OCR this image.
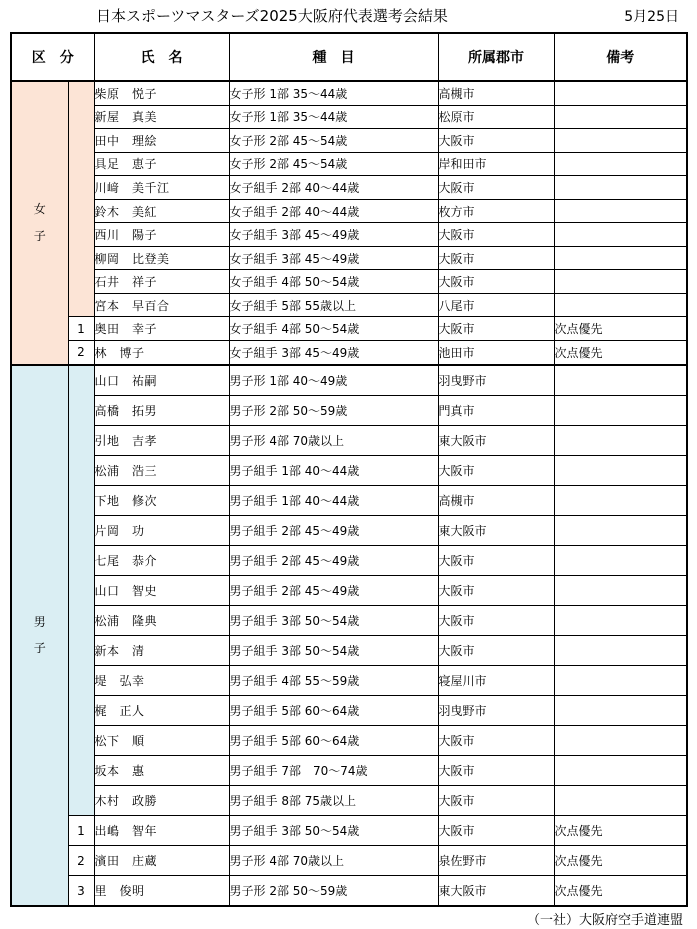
日本スポーツマスターズ2025大阪府代表選考会結果	5月25日
区　分		氏　名	種　目	所属郡市	備考
女
子		柴原　悦子	女子形 1部 35～44歳	高槻市	
		新屋　真美	女子形 1部 35～44歳	松原市	
		田中　理絵	女子形 2部 45～54歳	大阪市	
		具足　恵子	女子形 2部 45～54歳	岸和田市	
		川﨑　美千江	女子組手 2部 40～44歳	大阪市	
		鈴木　美紅	女子組手 2部 40～44歳	枚方市	
		西川　陽子	女子組手 3部 45～49歳	大阪市	
		柳岡　比登美	女子組手 3部 45～49歳	大阪市	
		石井　祥子	女子組手 4部 50～54歳	大阪市	
		宮本　早百合	女子組手 5部 55歳以上	八尾市	
	1	奥田　幸子	女子組手 4部 50～54歳	大阪市	次点優先
	2	林　博子	女子組手 3部 45～49歳	池田市	次点優先
男
子		山口　祐嗣	男子形 1部 40～49歳	羽曳野市	
		高橋　拓男	男子形 2部 50～59歳	門真市	
		引地　吉孝	男子形 4部 70歳以上	東大阪市	
		松浦　浩三	男子組手 1部 40～44歳	大阪市	
		下地　修次	男子組手 1部 40～44歳	高槻市	
		片岡　功	男子組手 2部 45～49歳	東大阪市	
		七尾　恭介	男子組手 2部 45～49歳	大阪市	
		山口　智史	男子組手 2部 45～49歳	大阪市	
		松浦　隆典	男子組手 3部 50～54歳	大阪市	
		新本　清	男子組手 3部 50～54歳	大阪市	
		堤　弘幸	男子組手 4部 55～59歳	寝屋川市	
		梶　正人	男子組手 5部 60～64歳	羽曳野市	
		松下　順	男子組手 5部 60～64歳	大阪市	
		坂本　惠	男子組手 7部　70～74歳	大阪市	
		木村　政勝	男子組手 8部 75歳以上	大阪市	
	1	出嶋　智年	男子組手 3部 50～54歳	大阪市	次点優先
	2	濱田　庄蔵	男子形 4部 70歳以上	泉佐野市	次点優先
	3	里　俊明	男子形 2部 50～59歳	東大阪市	次点優先
（一社）大阪府空手道連盟
